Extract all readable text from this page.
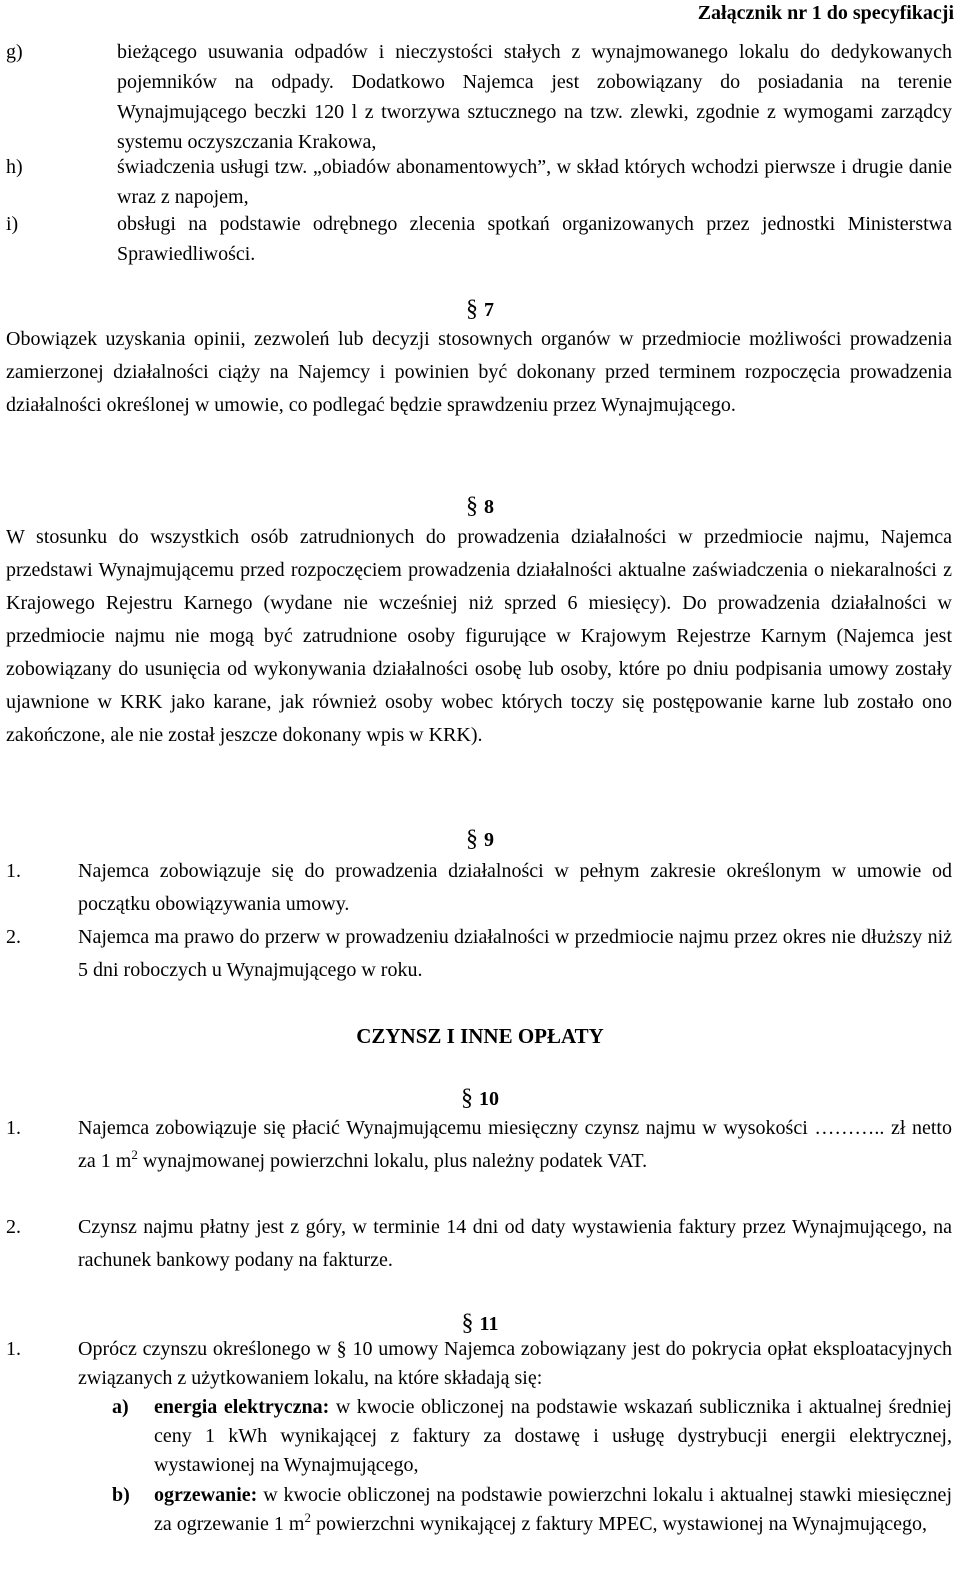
Załącznik nr 1 do specyfikacji
g)	bieżącego usuwania odpadów i nieczystości stałych z wynajmowanego lokalu do dedykowanych pojemników na odpady. Dodatkowo Najemca jest zobowiązany do posiadania na terenie Wynajmującego beczki 120 l z tworzywa sztucznego na tzw. zlewki, zgodnie z wymogami zarządcy systemu oczyszczania Krakowa,
h)	świadczenia usługi tzw. „obiadów abonamentowych”, w skład których wchodzi pierwsze i drugie danie wraz z napojem,
i)	obsługi na podstawie odrębnego zlecenia spotkań organizowanych przez jednostki Ministerstwa Sprawiedliwości.
§ 7
Obowiązek uzyskania opinii, zezwoleń lub decyzji stosownych organów w przedmiocie możliwości prowadzenia zamierzonej działalności ciąży na Najemcy i powinien być dokonany przed terminem rozpoczęcia prowadzenia działalności określonej w umowie, co podlegać będzie sprawdzeniu przez Wynajmującego.
§ 8
W stosunku do wszystkich osób zatrudnionych do prowadzenia działalności w przedmiocie najmu, Najemca przedstawi Wynajmującemu przed rozpoczęciem prowadzenia działalności aktualne zaświadczenia o niekaralności z Krajowego Rejestru Karnego (wydane nie wcześniej niż sprzed 6 miesięcy). Do prowadzenia działalności w przedmiocie najmu nie mogą być zatrudnione osoby figurujące w Krajowym Rejestrze Karnym (Najemca jest zobowiązany do usunięcia od wykonywania działalności osobę lub osoby, które po dniu podpisania umowy zostały ujawnione w KRK jako karane, jak również osoby wobec których toczy się postępowanie karne lub zostało ono zakończone, ale nie został jeszcze dokonany wpis w KRK).
§ 9
1.	Najemca zobowiązuje się do prowadzenia działalności w pełnym zakresie określonym w umowie od początku obowiązywania umowy.
2.	Najemca ma prawo do przerw w prowadzeniu działalności w przedmiocie najmu przez okres nie dłuższy niż 5 dni roboczych u Wynajmującego w roku.
CZYNSZ I INNE OPŁATY
§ 10
1.	Najemca zobowiązuje się płacić Wynajmującemu miesięczny czynsz najmu w wysokości ……….. zł netto za 1 $m^2$ wynajmowanej powierzchni lokalu, plus należny podatek VAT.
2.	Czynsz najmu płatny jest z góry, w terminie 14 dni od daty wystawienia faktury przez Wynajmującego, na rachunek bankowy podany na fakturze.
§ 11
1.	Oprócz czynszu określonego w § 10 umowy Najemca zobowiązany jest do pokrycia opłat eksploatacyjnych związanych z użytkowaniem lokalu, na które składają się:
a) energia elektryczna: w kwocie obliczonej na podstawie wskazań sublicznika i aktualnej średniej ceny 1 kWh wynikającej z faktury za dostawę i usługę dystrybucji energii elektrycznej, wystawionej na Wynajmującego,
b) ogrzewanie: w kwocie obliczonej na podstawie powierzchni lokalu i aktualnej stawki miesięcznej za ogrzewanie 1 $m^2$ powierzchni wynikającej z faktury MPEC, wystawionej na Wynajmującego,
